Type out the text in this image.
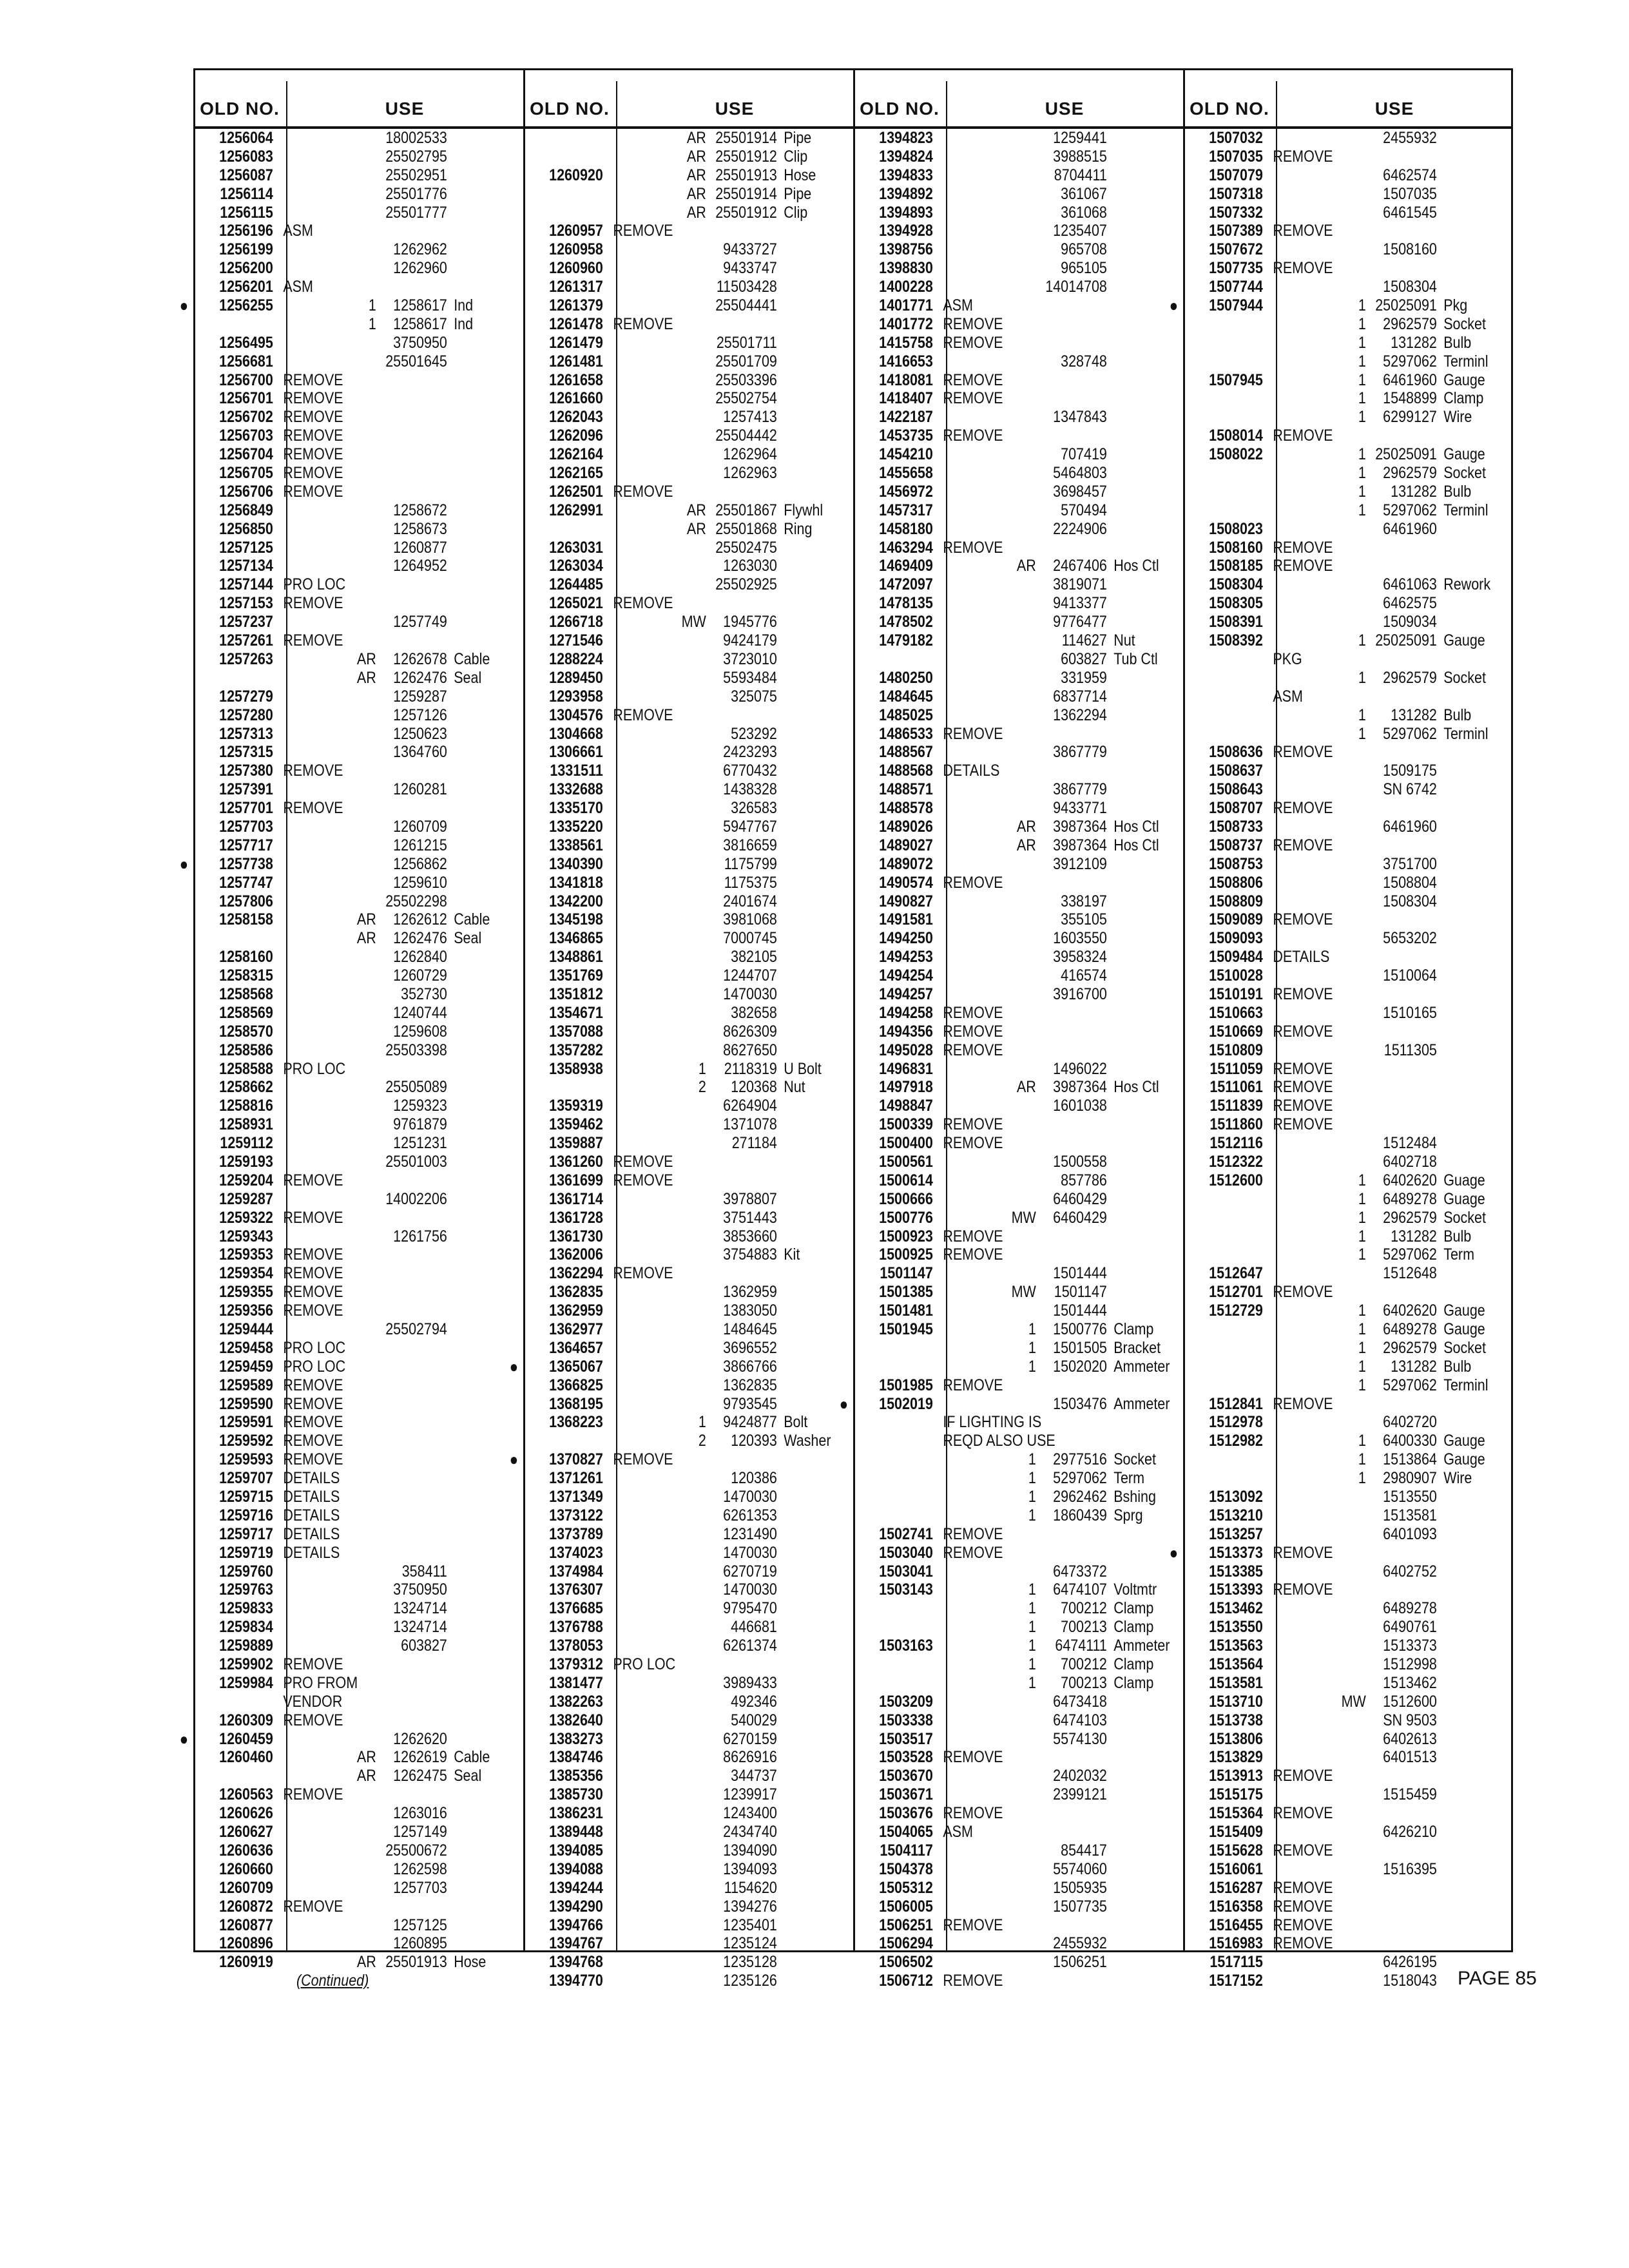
OLD NO.	USE	OLD NO.	USE	OLD NO.	USE	OLD NO.	USE
1256064	18002533
1256083	25502795
1256087	25502951
1256114	25501776
1256115	25501777
1256196 ASM
1256199	1262962
1256200	1262960
1256201 ASM
●	1256255	1	1258617 Ind
1	1258617 Ind
1256495	3750950
1256681	25501645
1256700 REMOVE
1256701 REMOVE
1256702 REMOVE
1256703 REMOVE
1256704 REMOVE
1256705 REMOVE
1256706 REMOVE
1256849	1258672
1256850	1258673
1257125	1260877
1257134	1264952
1257144 PRO LOC
1257153 REMOVE
1257237	1257749
1257261 REMOVE
1257263	AR	1262678 Cable
AR	1262476 Seal
1257279	1259287
1257280	1257126
1257313	1250623
1257315	1364760
1257380 REMOVE
1257391	1260281
1257701 REMOVE
1257703	1260709
1257717	1261215
●	1257738	1256862
1257747	1259610
1257806	25502298
1258158	AR	1262612 Cable
AR	1262476 Seal
1258160	1262840
1258315	1260729
1258568	352730
1258569	1240744
1258570	1259608
1258586	25503398
1258588 PRO LOC
1258662	25505089
1258816	1259323
1258931	9761879
1259112	1251231
1259193	25501003
1259204 REMOVE
1259287	14002206
1259322 REMOVE
1259343	1261756
1259353 REMOVE
1259354 REMOVE
1259355 REMOVE
1259356 REMOVE
1259444	25502794
1259458 PRO LOC
1259459 PRO LOC
1259589 REMOVE
1259590 REMOVE
1259591 REMOVE
1259592 REMOVE
1259593 REMOVE
1259707 DETAILS
1259715 DETAILS
1259716 DETAILS
1259717 DETAILS
1259719 DETAILS
1259760	358411
1259763	3750950
1259833	1324714
1259834	1324714
1259889	603827
1259902 REMOVE
1259984 PRO FROM
VENDOR
1260309 REMOVE
●	1260459	1262620
1260460	AR	1262619 Cable
AR	1262475 Seal
1260563 REMOVE
1260626	1263016
1260627	1257149
1260636	25500672
1260660	1262598
1260709	1257703
1260872 REMOVE
1260877	1257125
1260896	1260895
1260919	AR 25501913 Hose
(Continued)
AR 25501914 Pipe
AR 25501912 Clip
1260920	AR 25501913 Hose
AR 25501914 Pipe
AR 25501912 Clip
1260957 REMOVE
1260958	9433727
1260960	9433747
1261317	11503428
1261379	25504441
1261478 REMOVE
1261479	25501711
1261481	25501709
1261658	25503396
1261660	25502754
1262043	1257413
1262096	25504442
1262164	1262964
1262165	1262963
1262501 REMOVE
1262991	AR 25501867 Flywhl
AR 25501868 Ring
1263031	25502475
1263034	1263030
1264485	25502925
1265021 REMOVE
1266718	MW	1945776
1271546	9424179
1288224	3723010
1289450	5593484
1293958	325075
1304576 REMOVE
1304668	523292
1306661	2423293
1331511	6770432
1332688	1438328
1335170	326583
1335220	5947767
1338561	3816659
1340390	1175799
1341818	1175375
1342200	2401674
1345198	3981068
1346865	7000745
1348861	382105
1351769	1244707
1351812	1470030
1354671	382658
1357088	8626309
1357282	8627650
1358938	1	2118319 U Bolt
2	120368 Nut
1359319	6264904
1359462	1371078
1359887	271184
1361260 REMOVE
1361699 REMOVE
1361714	3978807
1361728	3751443
1361730	3853660
1362006	3754883 Kit
1362294 REMOVE
1362835	1362959
1362959	1383050
1362977	1484645
1364657	3696552
●	1365067	3866766
1366825	1362835
1368195	9793545
1368223	1	9424877 Bolt
2	120393 Washer
●	1370827 REMOVE
1371261	120386
1371349	1470030
1373122	6261353
1373789	1231490
1374023	1470030
1374984	6270719
1376307	1470030
1376685	9795470
1376788	446681
1378053	6261374
1379312 PRO LOC
1381477	3989433
1382263	492346
1382640	540029
1383273	6270159
1384746	8626916
1385356	344737
1385730	1239917
1386231	1243400
1389448	2434740
1394085	1394090
1394088	1394093
1394244	1154620
1394290	1394276
1394766	1235401
1394767	1235124
1394768	1235128
1394770	1235126
1394823	1259441
1394824	3988515
1394833	8704411
1394892	361067
1394893	361068
1394928	1235407
1398756	965708
1398830	965105
1400228	14014708
1401771 ASM
1401772 REMOVE
1415758 REMOVE
1416653	328748
1418081 REMOVE
1418407 REMOVE
1422187	1347843
1453735 REMOVE
1454210	707419
1455658	5464803
1456972	3698457
1457317	570494
1458180	2224906
1463294 REMOVE
1469409	AR	2467406 Hos Ctl
1472097	3819071
1478135	9413377
1478502	9776477
1479182	114627 Nut
603827 Tub Ctl
1480250	331959
1484645	6837714
1485025	1362294
1486533 REMOVE
1488567	3867779
1488568 DETAILS
1488571	3867779
1488578	9433771
1489026	AR	3987364 Hos Ctl
1489027	AR	3987364 Hos Ctl
1489072	3912109
1490574 REMOVE
1490827	338197
1491581	355105
1494250	1603550
1494253	3958324
1494254	416574
1494257	3916700
1494258 REMOVE
1494356 REMOVE
1495028 REMOVE
1496831	1496022
1497918	AR	3987364 Hos Ctl
1498847	1601038
1500339 REMOVE
1500400 REMOVE
1500561	1500558
1500614	857786
1500666	6460429
1500776	MW	6460429
1500923 REMOVE
1500925 REMOVE
1501147	1501444
1501385	MW	1501147
1501481	1501444
1501945	1	1500776 Clamp
1	1501505 Bracket
1	1502020 Ammeter
1501985 REMOVE
●	1502019	1503476 Ammeter
IF LIGHTING IS
REQD ALSO USE
1	2977516 Socket
1	5297062 Term
1	2962462 Bshing
1	1860439 Sprg
1502741 REMOVE
1503040 REMOVE
1503041	6473372
1503143	1	6474107 Voltmtr
1	700212 Clamp
1	700213 Clamp
1503163	1	6474111 Ammeter
1	700212 Clamp
1	700213 Clamp
1503209	6473418
1503338	6474103
1503517	5574130
1503528 REMOVE
1503670	2402032
1503671	2399121
1503676 REMOVE
1504065 ASM
1504117	854417
1504378	5574060
1505312	1505935
1506005	1507735
1506251 REMOVE
1506294	2455932
1506502	1506251
1506712 REMOVE
1507032	2455932
1507035 REMOVE
1507079	6462574
1507318	1507035
1507332	6461545
1507389 REMOVE
1507672	1508160
1507735 REMOVE
1507744	1508304
●	1507944	1 25025091 Pkg
1	2962579 Socket
1	131282 Bulb
1	5297062 Terminl
1507945	1	6461960 Gauge
1	1548899 Clamp
1	6299127 Wire
1508014 REMOVE
1508022	1 25025091 Gauge
1	2962579 Socket
1	131282 Bulb
1	5297062 Terminl
1508023	6461960
1508160 REMOVE
1508185 REMOVE
1508304	6461063 Rework
1508305	6462575
1508391	1509034
1508392	1 25025091 Gauge
PKG
1	2962579 Socket
ASM
1	131282 Bulb
1	5297062 Terminl
1508636 REMOVE
1508637	1509175
1508643	SN 6742
1508707 REMOVE
1508733	6461960
1508737 REMOVE
1508753	3751700
1508806	1508804
1508809	1508304
1509089 REMOVE
1509093	5653202
1509484 DETAILS
1510028	1510064
1510191 REMOVE
1510663	1510165
1510669 REMOVE
1510809	1511305
1511059 REMOVE
1511061 REMOVE
1511839 REMOVE
1511860 REMOVE
1512116	1512484
1512322	6402718
1512600	1	6402620 Guage
1	6489278 Guage
1	2962579 Socket
1	131282 Bulb
1	5297062 Term
1512647	1512648
1512701 REMOVE
1512729	1	6402620 Gauge
1	6489278 Gauge
1	2962579 Socket
1	131282 Bulb
1	5297062 Terminl
1512841 REMOVE
1512978	6402720
1512982	1	6400330 Gauge
1	1513864 Gauge
1	2980907 Wire
1513092	1513550
1513210	1513581
1513257	6401093
●	1513373 REMOVE
1513385	6402752
1513393 REMOVE
1513462	6489278
1513550	6490761
1513563	1513373
1513564	1512998
1513581	1513462
1513710	MW	1512600
1513738	SN 9503
1513806	6402613
1513829	6401513
1513913 REMOVE
1515175	1515459
1515364 REMOVE
1515409	6426210
1515628 REMOVE
1516061	1516395
1516287 REMOVE
1516358 REMOVE
1516455 REMOVE
1516983 REMOVE
1517115	6426195
1517152	1518043 PAGE 85
